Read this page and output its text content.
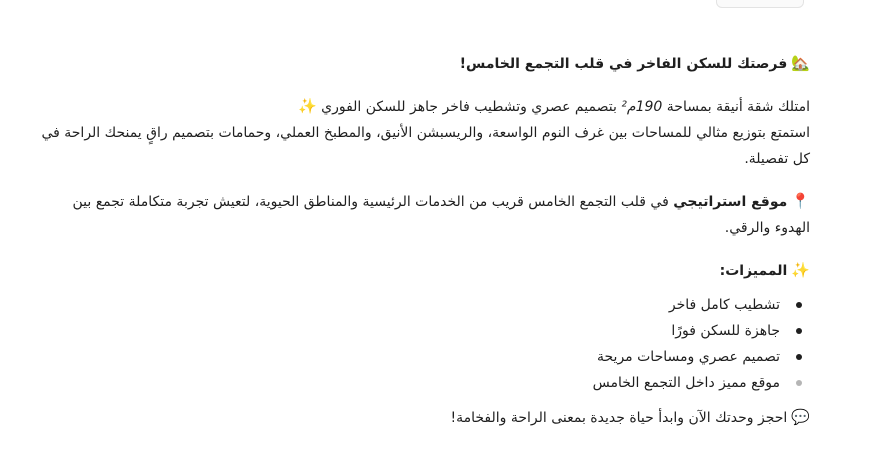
🏡فرصتك للسكن الفاخر في قلب التجمع الخامس!

امتلك شقة أنيقة بمساحة 190م² بتصميم عصري وتشطيب فاخر جاهز للسكن الفوري ✨

استمتع بتوزيع مثالي للمساحات بين غرف النوم الواسعة، والريسبشن الأنيق، والمطبخ العملي، وحمامات بتصميم راقٍ يمنحك الراحة في كل تفصيلة.

📍موقع استراتيجي في قلب التجمع الخامس قريب من الخدمات الرئيسية والمناطق الحيوية، لتعيش تجربة متكاملة تجمع بين الهدوء والرقي.

✨المميزات:

تشطيب كامل فاخر
جاهزة للسكن فورًا
تصميم عصري ومساحات مريحة
موقع مميز داخل التجمع الخامس

💬احجز وحدتك الآن وابدأ حياة جديدة بمعنى الراحة والفخامة!
